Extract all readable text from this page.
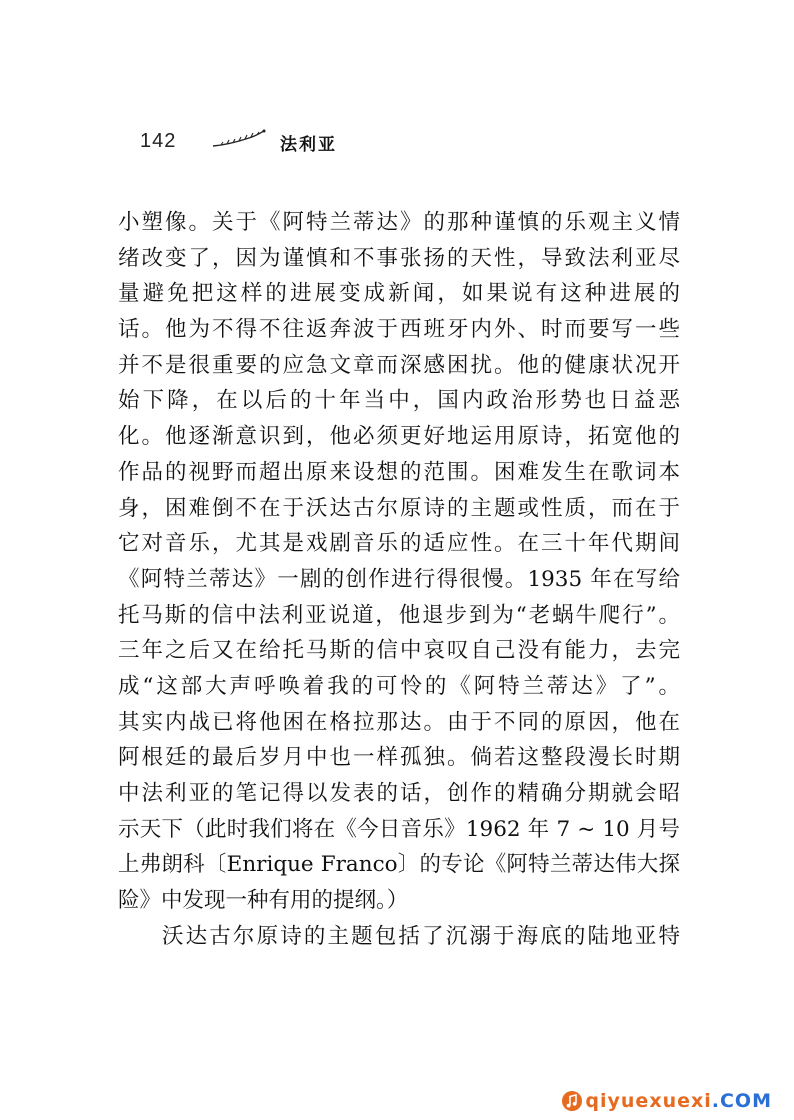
142	法利亚
小塑像。关于《阿特兰蒂达》的那种谨慎的乐观主义情
绪改变了，因为谨慎和不事张扬的天性，导致法利亚尽
量避免把这样的进展变成新闻，如果说有这种进展的
话。他为不得不往返奔波于西班牙内外、时而要写一些
并不是很重要的应急文章而深感困扰。他的健康状况开
始下降，在以后的十年当中，国内政治形势也日益恶
化。他逐渐意识到，他必须更好地运用原诗，拓宽他的
作品的视野而超出原来设想的范围。困难发生在歌词本
身，困难倒不在于沃达古尔原诗的主题或性质，而在于
它对音乐，尤其是戏剧音乐的适应性。在三十年代期间
《阿特兰蒂达》一剧的创作进行得很慢。1935 年在写给
托马斯的信中法利亚说道，他退步到为“老蜗牛爬行”。
三年之后又在给托马斯的信中哀叹自己没有能力，去完
成“这部大声呼唤着我的可怜的《阿特兰蒂达》了”。
其实内战已将他困在格拉那达。由于不同的原因，他在
阿根廷的最后岁月中也一样孤独。倘若这整段漫长时期
中法利亚的笔记得以发表的话，创作的精确分期就会昭
示天下（此时我们将在《今日音乐》1962 年 7 ~ 10 月号
上弗朗科〔Enrique Franco〕的专论《阿特兰蒂达伟大探
险》中发现一种有用的提纲。）
沃达古尔原诗的主题包括了沉溺于海底的陆地亚特
qiyuexuexi .COM
